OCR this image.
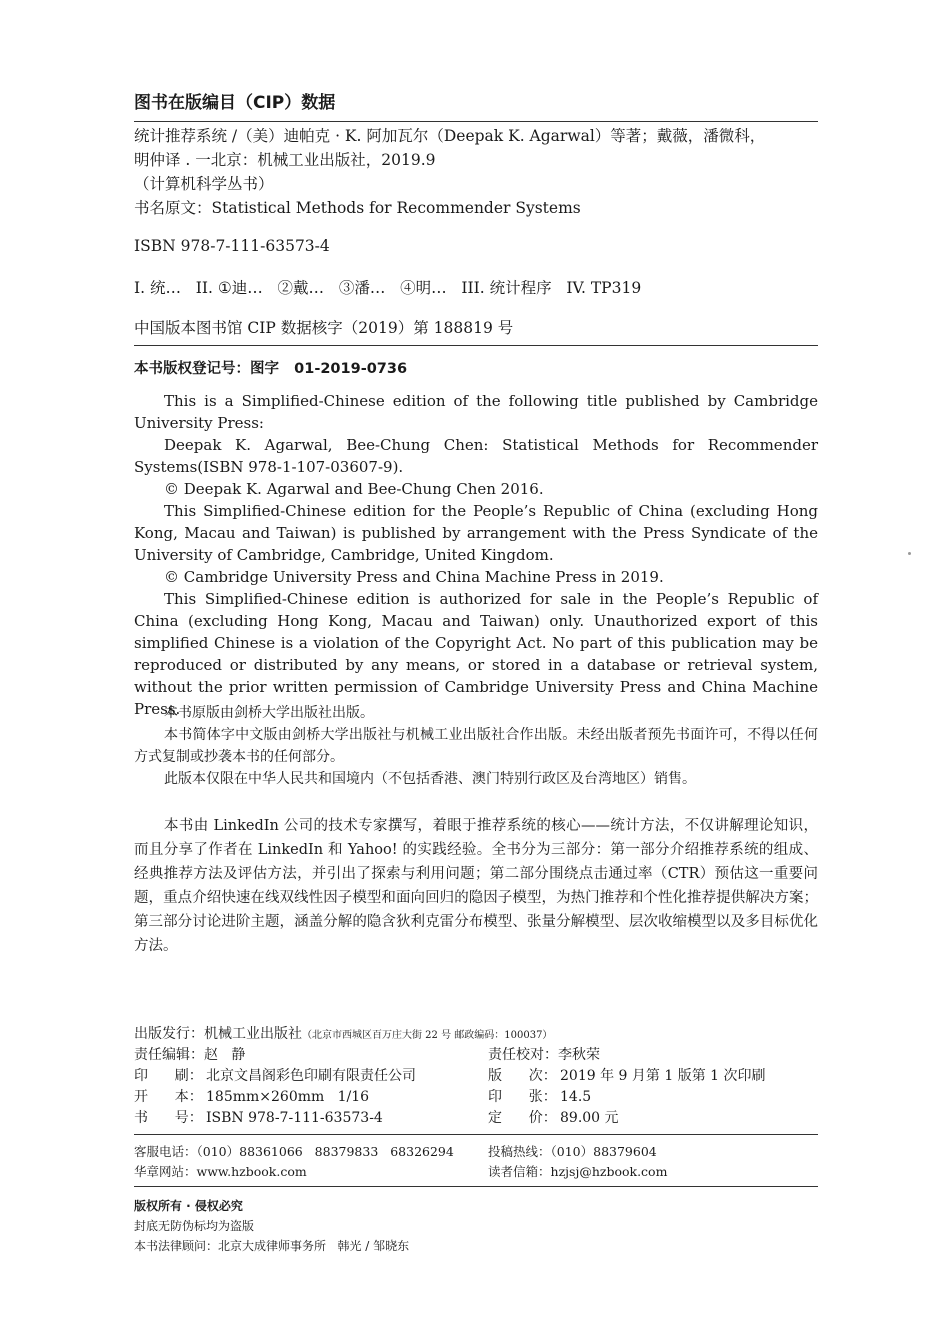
图书在版编目（CIP）数据
统计推荐系统 /（美）迪帕克 · K. 阿加瓦尔（Deepak K. Agarwal）等著；戴薇，潘微科，
明仲译 . 一北京：机械工业出版社，2019.9
（计算机科学丛书）
书名原文：Statistical Methods for Recommender Systems
ISBN 978-7-111-63573-4
I. 统…   II. ①迪…   ②戴…   ③潘…   ④明…   III. 统计程序   IV. TP319
中国版本图书馆 CIP 数据核字（2019）第 188819 号
本书版权登记号：图字   01-2019-0736

This is a Simplified-Chinese edition of the following title published by Cambridge University Press:

Deepak K. Agarwal, Bee-Chung Chen: Statistical Methods for Recommender Systems(ISBN 978-1-107-03607-9).

© Deepak K. Agarwal and Bee-Chung Chen 2016.

This Simplified-Chinese edition for the People’s Republic of China (excluding Hong Kong, Macau and Taiwan) is published by arrangement with the Press Syndicate of the University of Cambridge, Cambridge, United Kingdom.

© Cambridge University Press and China Machine Press in 2019.

This Simplified-Chinese edition is authorized for sale in the People’s Republic of China (excluding Hong Kong, Macau and Taiwan) only. Unauthorized export of this simplified Chinese is a violation of the Copyright Act. No part of this publication may be reproduced or distributed by any means, or stored in a database or retrieval system, without the prior written permission of Cambridge University Press and China Machine Press.

本书原版由剑桥大学出版社出版。

本书简体字中文版由剑桥大学出版社与机械工业出版社合作出版。未经出版者预先书面许可，不得以任何方式复制或抄袭本书的任何部分。

此版本仅限在中华人民共和国境内（不包括香港、澳门特别行政区及台湾地区）销售。

本书由 LinkedIn 公司的技术专家撰写，着眼于推荐系统的核心——统计方法，不仅讲解理论知识，而且分享了作者在 LinkedIn 和 Yahoo! 的实践经验。全书分为三部分：第一部分介绍推荐系统的组成、经典推荐方法及评估方法，并引出了探索与利用问题；第二部分围绕点击通过率（CTR）预估这一重要问题，重点介绍快速在线双线性因子模型和面向回归的隐因子模型，为热门推荐和个性化推荐提供解决方案；第三部分讨论进阶主题，涵盖分解的隐含狄利克雷分布模型、张量分解模型、层次收缩模型以及多目标优化方法。

出版发行：机械工业出版社（北京市西城区百万庄大街 22 号 邮政编码：100037）
责任编辑：赵   静	责任校对：李秋荣
印      刷： 北京文昌阁彩色印刷有限责任公司	版      次： 2019 年 9 月第 1 版第 1 次印刷
开      本： 185mm×260mm   1/16	印      张： 14.5
书      号： ISBN 978-7-111-63573-4	定      价： 89.00 元
客服电话：（010）88361066   88379833   68326294	投稿热线：（010）88379604
华章网站：www.hzbook.com	读者信箱：hzjsj@hzbook.com
版权所有 · 侵权必究
封底无防伪标均为盗版
本书法律顾问：北京大成律师事务所   韩光 / 邹晓东
